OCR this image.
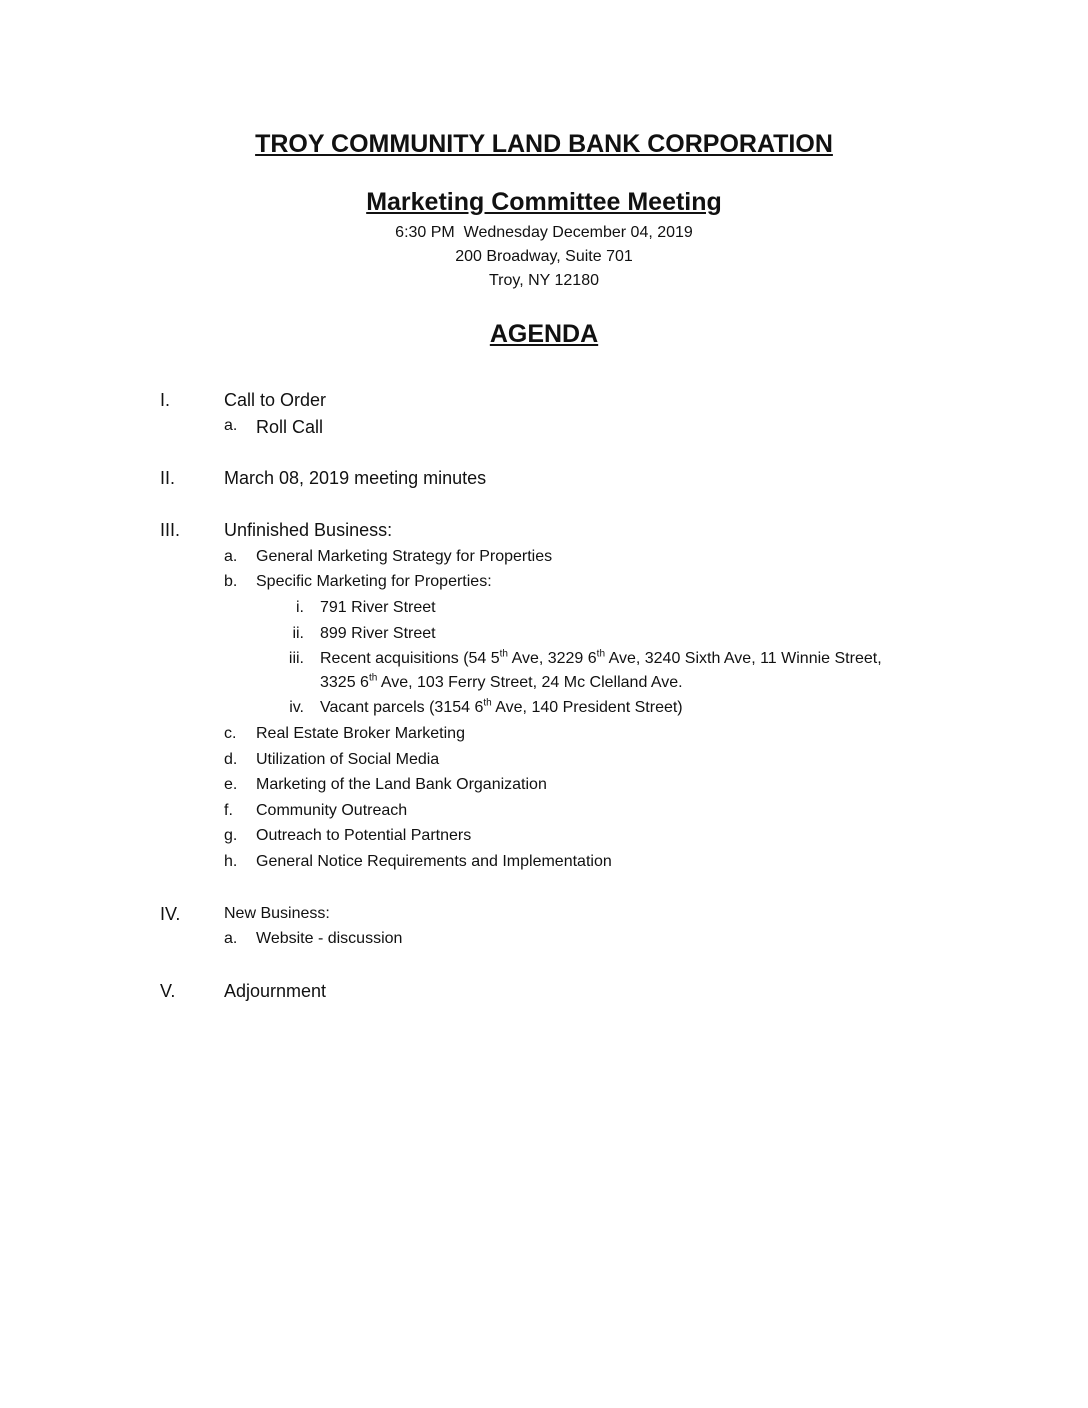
TROY COMMUNITY LAND BANK CORPORATION
Marketing Committee Meeting
6:30 PM  Wednesday December 04, 2019
200 Broadway, Suite 701
Troy, NY 12180
AGENDA
I.	Call to Order
a.	Roll Call
II.	March 08, 2019 meeting minutes
III. Unfinished Business:
a.	General Marketing Strategy for Properties
b.	Specific Marketing for Properties:
i. 791 River Street
ii. 899 River Street
iii. Recent acquisitions (54 5th Ave, 3229 6th Ave, 3240 Sixth Ave, 11 Winnie Street,
3325 6th Ave, 103 Ferry Street, 24 Mc Clelland Ave.
iv. Vacant parcels (3154 6th Ave, 140 President Street)
c.	Real Estate Broker Marketing
d.	Utilization of Social Media
e.	Marketing of the Land Bank Organization
f.	Community Outreach
g.	Outreach to Potential Partners
h.	General Notice Requirements and Implementation
IV.	New Business:
a.	Website - discussion
V.	Adjournment
